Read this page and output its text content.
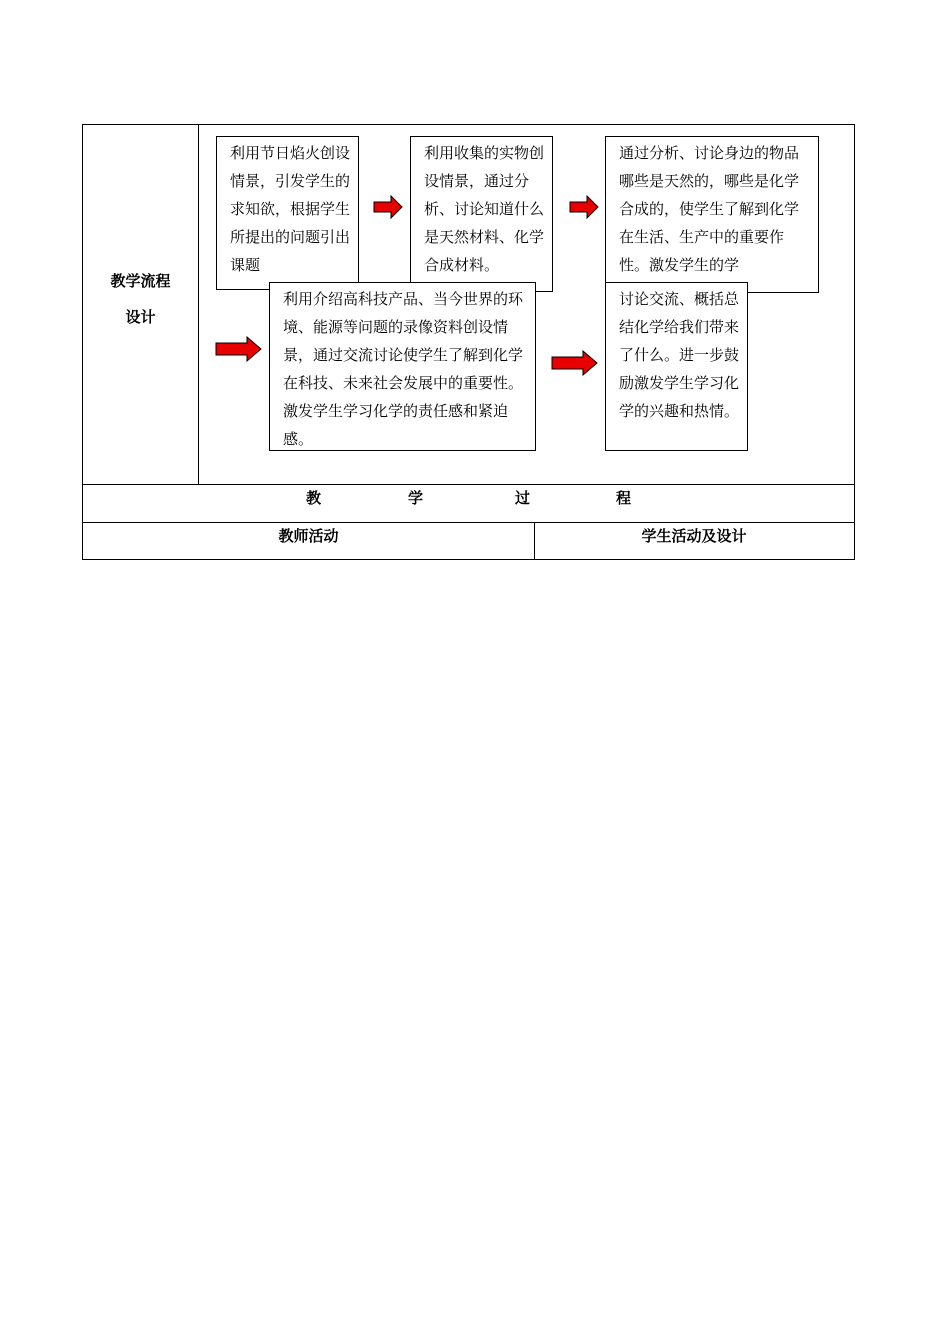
教学流程
设计
利用节日焰火创设情景，引发学生的求知欲，根据学生所提出的问题引出课题
利用收集的实物创设情景，通过分析、讨论知道什么是天然材料、化学合成材料。
通过分析、讨论身边的物品哪些是天然的，哪些是化学合成的，使学生了解到化学在生活、生产中的重要作性。激发学生的学
利用介绍高科技产品、当今世界的环境、能源等问题的录像资料创设情景，通过交流讨论使学生了解到化学在科技、未来社会发展中的重要性。激发学生学习化学的责任感和紧迫感。
讨论交流、概括总结化学给我们带来了什么。进一步鼓励激发学生学习化学的兴趣和热情。
教	学	过	程
教师活动	学生活动及设计
